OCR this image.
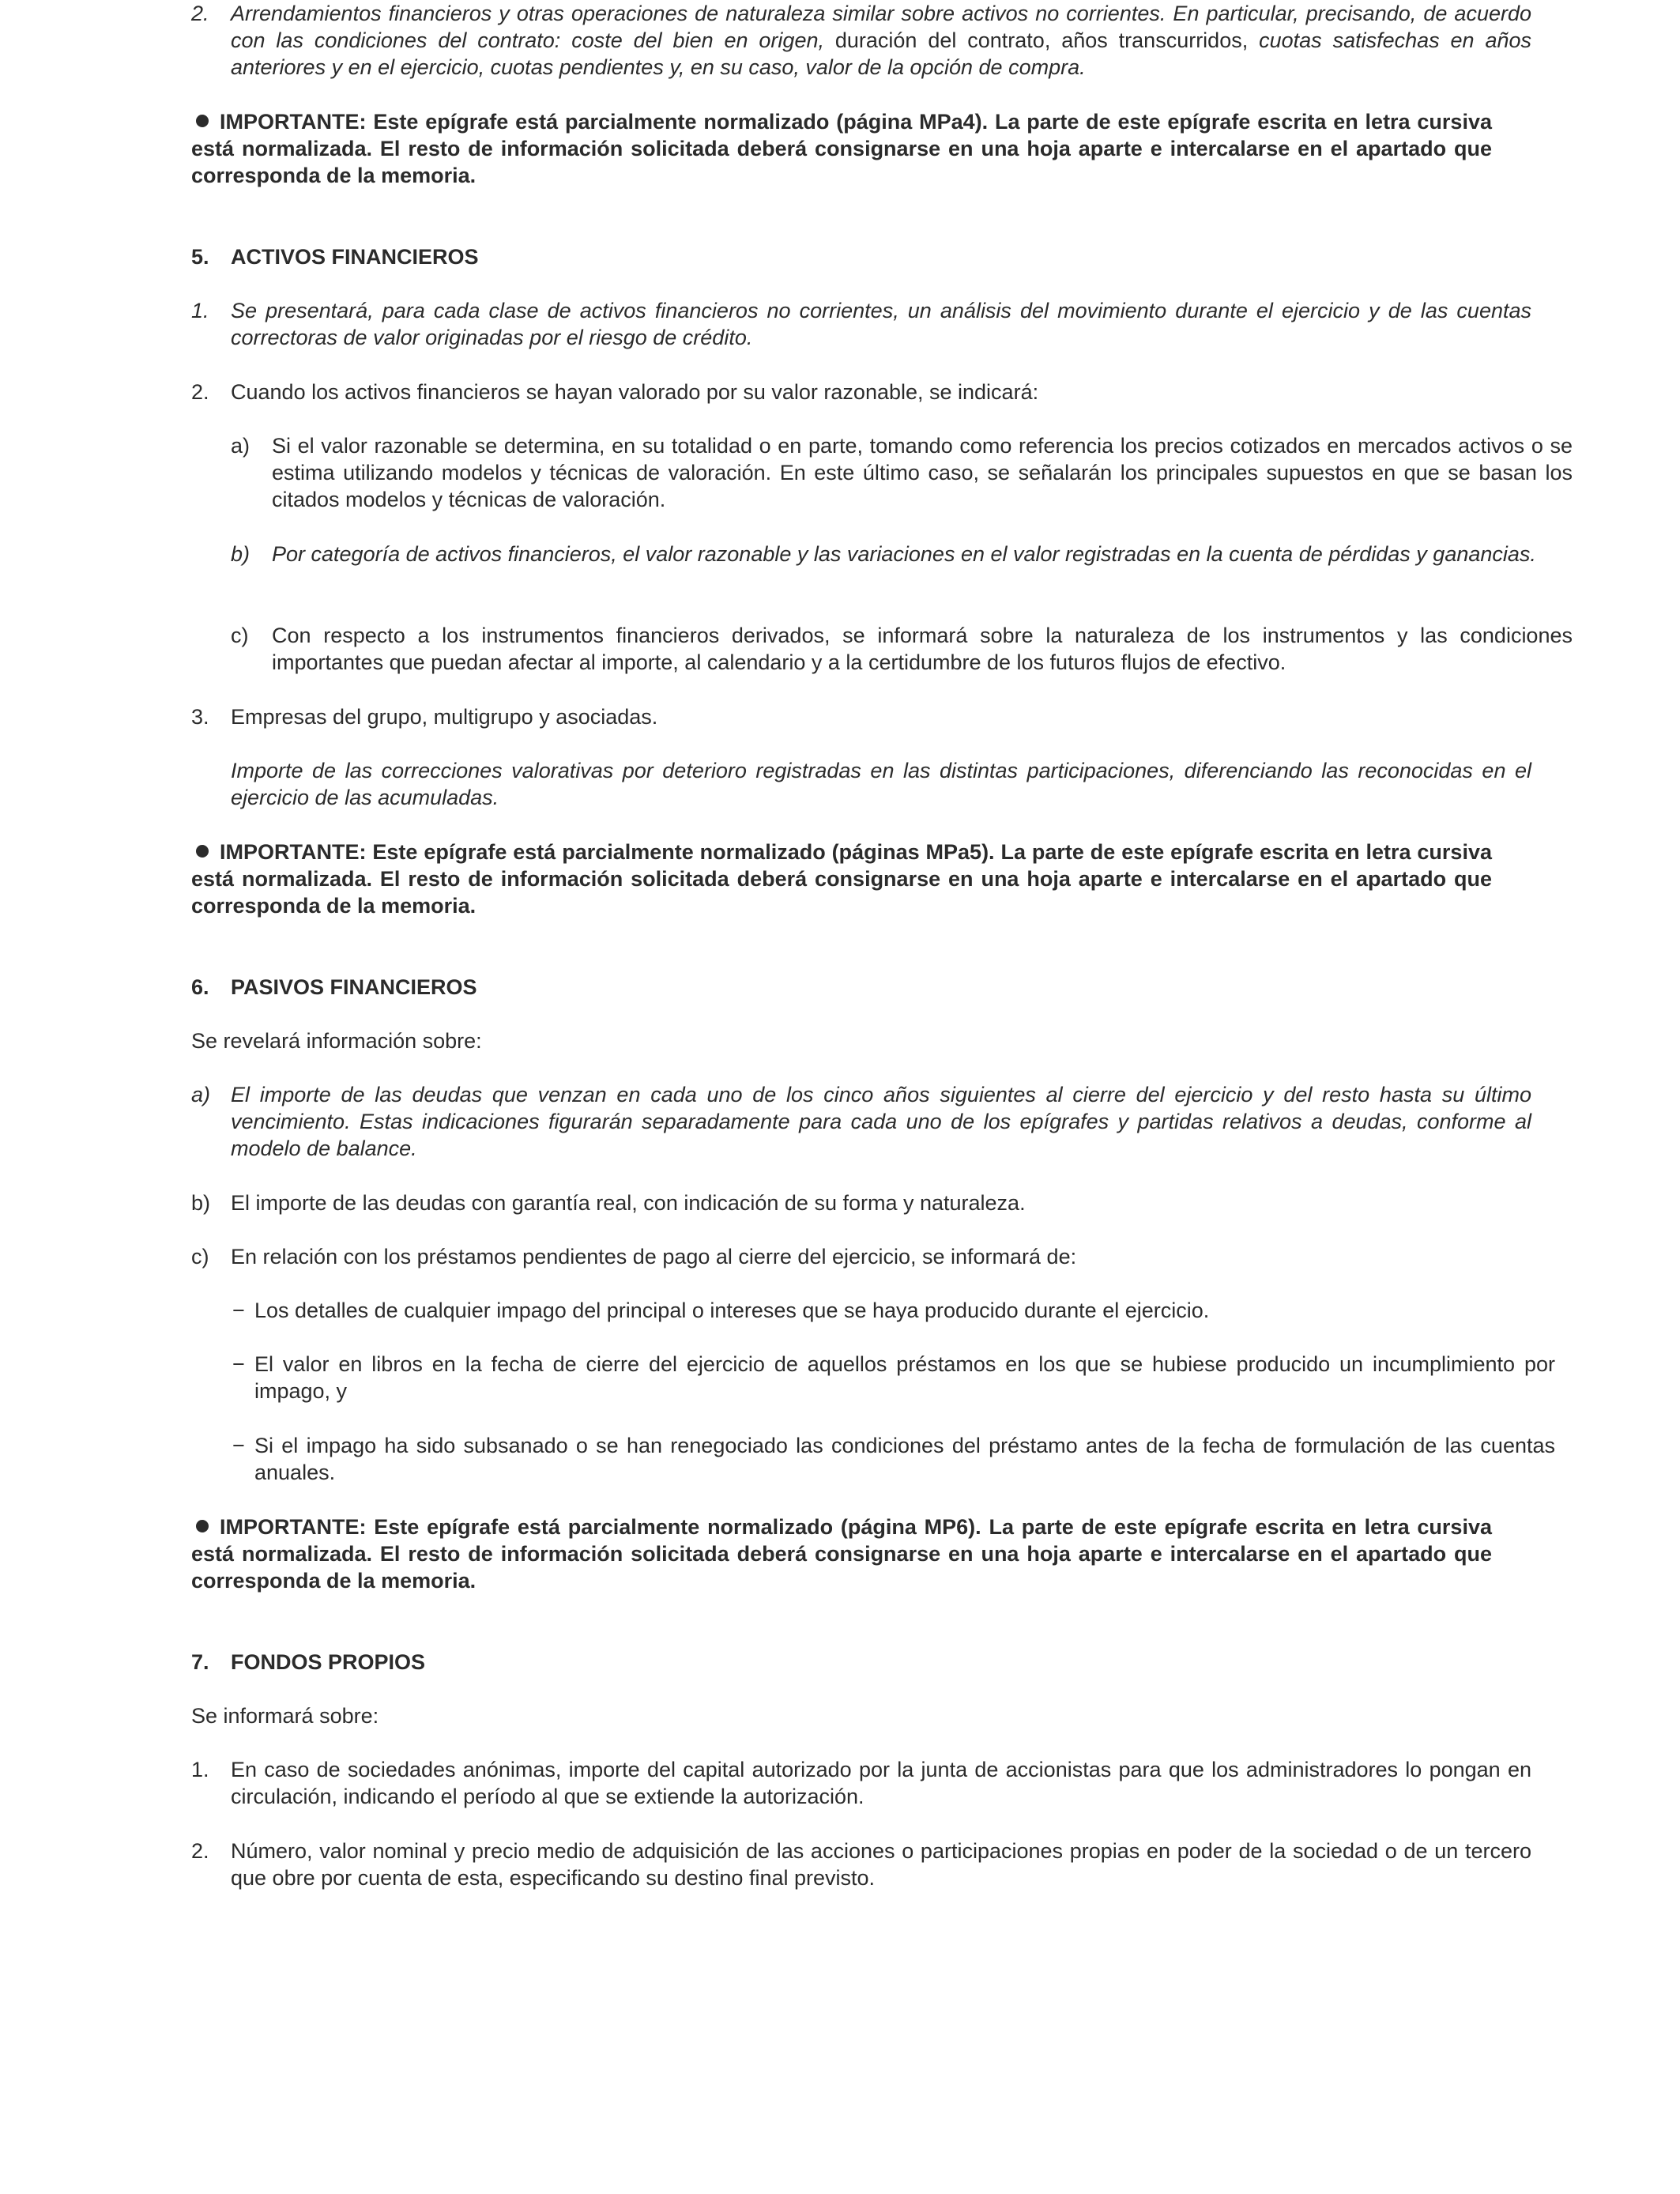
2. Arrendamientos financieros y otras operaciones de naturaleza similar sobre activos no corrientes. En particular, precisando, de acuerdo con las condiciones del contrato: coste del bien en origen, duración del contrato, años transcurridos, cuotas satisfechas en años anteriores y en el ejercicio, cuotas pendientes y, en su caso, valor de la opción de compra.

IMPORTANTE: Este epígrafe está parcialmente normalizado (página MPa4). La parte de este epígrafe escrita en letra cursiva está normalizada. El resto de información solicitada deberá consignarse en una hoja aparte e intercalarse en el apartado que corresponda de la memoria.

5. ACTIVOS FINANCIEROS

1. Se presentará, para cada clase de activos financieros no corrientes, un análisis del movimiento durante el ejercicio y de las cuentas correctoras de valor originadas por el riesgo de crédito.

2. Cuando los activos financieros se hayan valorado por su valor razonable, se indicará:

a) Si el valor razonable se determina, en su totalidad o en parte, tomando como referencia los precios cotizados en mercados activos o se estima utilizando modelos y técnicas de valoración. En este último caso, se señalarán los principales supuestos en que se basan los citados modelos y técnicas de valoración.

b) Por categoría de activos financieros, el valor razonable y las variaciones en el valor registradas en la cuenta de pérdidas y ganancias.

c) Con respecto a los instrumentos financieros derivados, se informará sobre la naturaleza de los instrumentos y las condiciones importantes que puedan afectar al importe, al calendario y a la certidumbre de los futuros flujos de efectivo.

3. Empresas del grupo, multigrupo y asociadas.

Importe de las correcciones valorativas por deterioro registradas en las distintas participaciones, diferenciando las reconocidas en el ejercicio de las acumuladas.

IMPORTANTE: Este epígrafe está parcialmente normalizado (páginas MPa5). La parte de este epígrafe escrita en letra cursiva está normalizada. El resto de información solicitada deberá consignarse en una hoja aparte e intercalarse en el apartado que corresponda de la memoria.

6. PASIVOS FINANCIEROS

Se revelará información sobre:

a) El importe de las deudas que venzan en cada uno de los cinco años siguientes al cierre del ejercicio y del resto hasta su último vencimiento. Estas indicaciones figurarán separadamente para cada uno de los epígrafes y partidas relativos a deudas, conforme al modelo de balance.

b) El importe de las deudas con garantía real, con indicación de su forma y naturaleza.

c) En relación con los préstamos pendientes de pago al cierre del ejercicio, se informará de:

− Los detalles de cualquier impago del principal o intereses que se haya producido durante el ejercicio.

− El valor en libros en la fecha de cierre del ejercicio de aquellos préstamos en los que se hubiese producido un incumplimiento por impago, y

− Si el impago ha sido subsanado o se han renegociado las condiciones del préstamo antes de la fecha de formulación de las cuentas anuales.

IMPORTANTE: Este epígrafe está parcialmente normalizado (página MP6). La parte de este epígrafe escrita en letra cursiva está normalizada. El resto de información solicitada deberá consignarse en una hoja aparte e intercalarse en el apartado que corresponda de la memoria.

7. FONDOS PROPIOS

Se informará sobre:

1. En caso de sociedades anónimas, importe del capital autorizado por la junta de accionistas para que los administradores lo pongan en circulación, indicando el período al que se extiende la autorización.

2. Número, valor nominal y precio medio de adquisición de las acciones o participaciones propias en poder de la sociedad o de un tercero que obre por cuenta de esta, especificando su destino final previsto.
